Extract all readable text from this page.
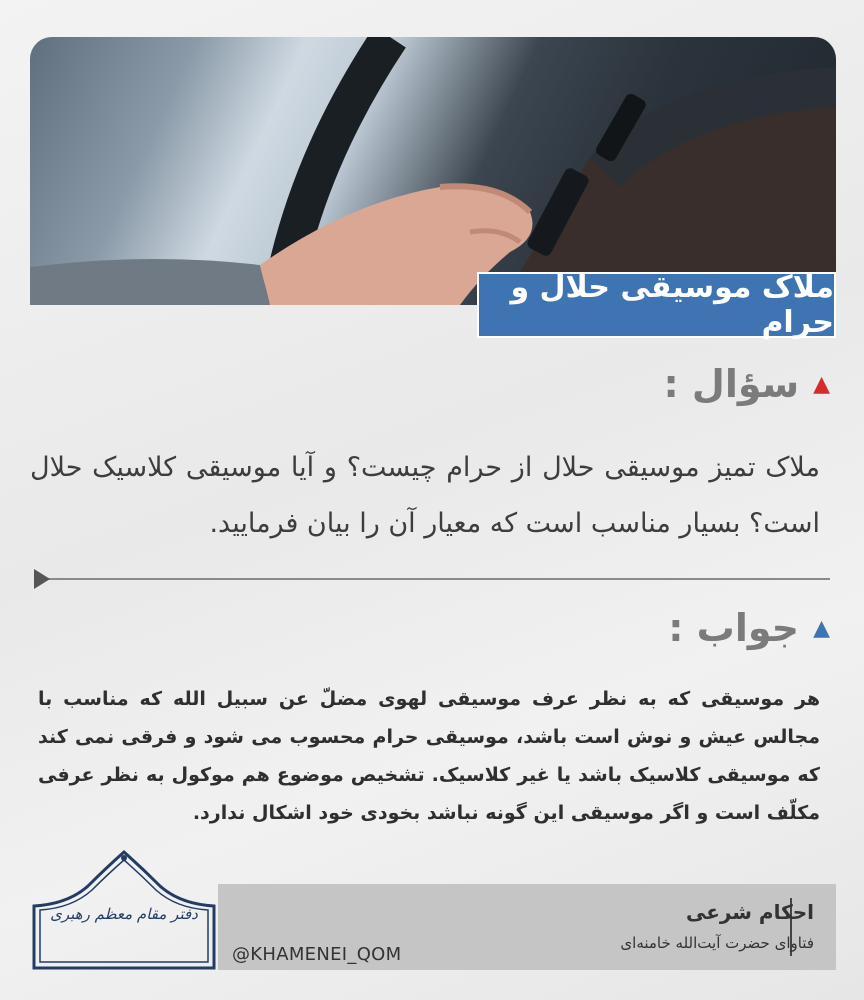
ملاک موسیقی حلال و حرام
▲
سؤال :
ملاک تمیز موسیقی حلال از حرام چیست؟ و آیا موسیقی کلاسیک حلال است؟ بسیار مناسب است که معیار آن را بیان فرمایید.
▲
جواب :
هر موسیقی که به نظر عرف موسیقی لهوی مضلّ عن سبیل الله که مناسب با مجالس عیش و نوش است باشد، موسیقی حرام محسوب می شود و فرقی نمی کند که موسیقی کلاسیک باشد یا غیر کلاسیک. تشخیص موضوع هم موکول به نظر عرفی مکلّف است و اگر موسیقی این گونه نباشد بخودی خود اشکال ندارد.
احکام شرعی
فتاوای حضرت آیت‌الله خامنه‌ای
@KHAMENEI_QOM
دفتر مقام معظم رهبری
